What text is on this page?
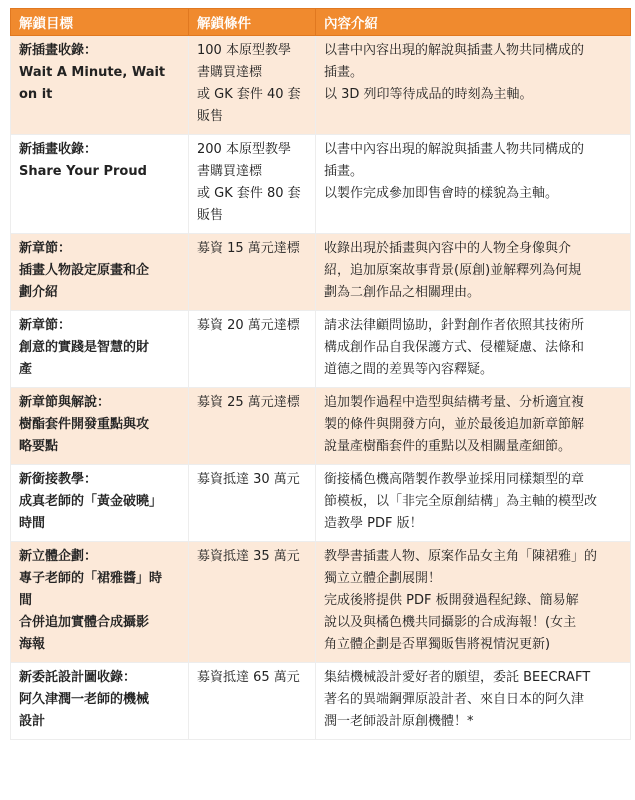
解鎖目標	解鎖條件	內容介紹

新插畫收錄：
Wait A Minute, Wait
on it	100 本原型教學
書購買達標
或 GK 套件 40 套
販售	以書中內容出現的解說與插畫人物共同構成的
插畫。
以 3D 列印等待成品的時刻為主軸。

新插畫收錄：
Share Your Proud	200 本原型教學
書購買達標
或 GK 套件 80 套
販售	以書中內容出現的解說與插畫人物共同構成的
插畫。
以製作完成參加即售會時的樣貌為主軸。

新章節：
插畫人物設定原畫和企
劃介紹	募資 15 萬元達標	收錄出現於插畫與內容中的人物全身像與介
紹，追加原案故事背景(原創)並解釋列為何規
劃為二創作品之相關理由。

新章節：
創意的實踐是智慧的財
產	募資 20 萬元達標	請求法律顧問協助，針對創作者依照其技術所
構成創作品自我保護方式、侵權疑慮、法條和
道德之間的差異等內容釋疑。

新章節與解說：
樹酯套件開發重點與攻
略要點	募資 25 萬元達標	追加製作過程中造型與結構考量、分析適宜複
製的條件與開發方向，並於最後追加新章節解
說量產樹酯套件的重點以及相關量產細節。

新銜接教學：
成真老師的「黃金破曉」
時間	募資抵達 30 萬元	銜接橘色機高階製作教學並採用同樣類型的章
節模板，以「非完全原創結構」為主軸的模型改
造教學 PDF 版！

新立體企劃：
專子老師的「裙雅醬」時
間
合併追加實體合成攝影
海報	募資抵達 35 萬元	教學書插畫人物、原案作品女主角「陳裙雅」的
獨立立體企劃展開！
完成後將提供 PDF 板開發過程紀錄、簡易解
說以及與橘色機共同攝影的合成海報！(女主
角立體企劃是否單獨販售將視情況更新)

新委託設計圖收錄：
阿久津潤一老師的機械
設計	募資抵達 65 萬元	集結機械設計愛好者的願望，委託 BEECRAFT
著名的異端鋼彈原設計者、來自日本的阿久津
潤一老師設計原創機體！*
